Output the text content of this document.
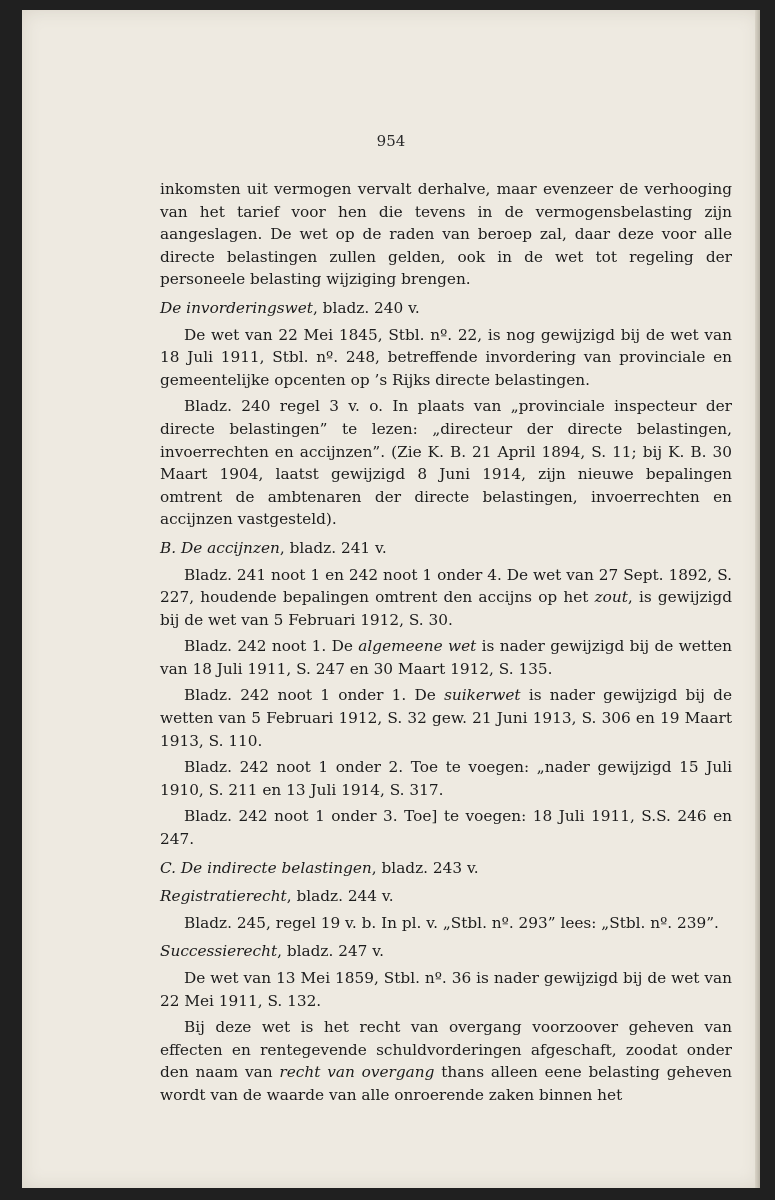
954

inkomsten uit vermogen vervalt derhalve, maar evenzeer de verhooging van het tarief voor hen die tevens in de vermogensbelasting zijn aangeslagen. De wet op de raden van beroep zal, daar deze voor alle directe belastingen zullen gelden, ook in de wet tot regeling der personeele belasting wijziging brengen.

De invorderingswet, bladz. 240 v.

De wet van 22 Mei 1845, Stbl. nº. 22, is nog gewijzigd bij de wet van 18 Juli 1911, Stbl. nº. 248, betreffende invordering van provinciale en gemeentelijke opcenten op ’s Rijks directe belastingen.

Bladz. 240 regel 3 v. o. In plaats van „provinciale inspecteur der directe belastingen” te lezen: „directeur der directe belastingen, invoerrechten en accijnzen”. (Zie K. B. 21 April 1894, S. 11; bij K. B. 30 Maart 1904, laatst gewijzigd 8 Juni 1914, zijn nieuwe bepalingen omtrent de ambtenaren der directe belastingen, invoerrechten en accijnzen vastgesteld).

B. De accijnzen, bladz. 241 v.

Bladz. 241 noot 1 en 242 noot 1 onder 4. De wet van 27 Sept. 1892, S. 227, houdende bepalingen omtrent den accijns op het zout, is gewijzigd bij de wet van 5 Februari 1912, S. 30.

Bladz. 242 noot 1. De algemeene wet is nader gewijzigd bij de wetten van 18 Juli 1911, S. 247 en 30 Maart 1912, S. 135.

Bladz. 242 noot 1 onder 1. De suikerwet is nader gewijzigd bij de wetten van 5 Februari 1912, S. 32 gew. 21 Juni 1913, S. 306 en 19 Maart 1913, S. 110.

Bladz. 242 noot 1 onder 2. Toe te voegen: „nader gewijzigd 15 Juli 1910, S. 211 en 13 Juli 1914, S. 317.

Bladz. 242 noot 1 onder 3. Toe] te voegen: 18 Juli 1911, S.S. 246 en 247.

C. De indirecte belastingen, bladz. 243 v.

Registratierecht, bladz. 244 v.

Bladz. 245, regel 19 v. b. In pl. v. „Stbl. nº. 293” lees: „Stbl. nº. 239”.

Successierecht, bladz. 247 v.

De wet van 13 Mei 1859, Stbl. nº. 36 is nader gewijzigd bij de wet van 22 Mei 1911, S. 132.

Bij deze wet is het recht van overgang voorzoover geheven van effecten en rentegevende schuldvorderingen afgeschaft, zoodat onder den naam van recht van overgang thans alleen eene belasting geheven wordt van de waarde van alle onroerende zaken binnen het
